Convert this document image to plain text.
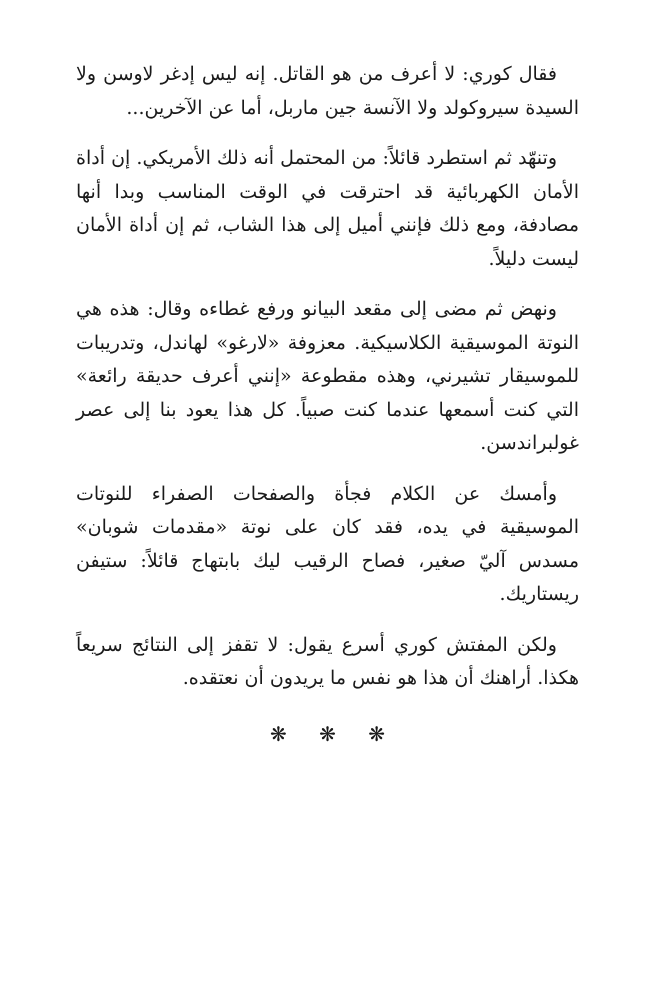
فقال كوري: لا أعرف من هو القاتل. إنه ليس إدغر لاوسن ولا السيدة سيروكولد ولا الآنسة جين ماربل، أما عن الآخرين...

وتنهّد ثم استطرد قائلاً: من المحتمل أنه ذلك الأمريكي. إن أداة الأمان الكهربائية قد احترقت في الوقت المناسب وبدا أنها مصادفة، ومع ذلك فإنني أميل إلى هذا الشاب، ثم إن أداة الأمان ليست دليلاً.

ونهض ثم مضى إلى مقعد البيانو ورفع غطاءه وقال: هذه هي النوتة الموسيقية الكلاسيكية. معزوفة «لارغو» لهاندل، وتدريبات للموسيقار تشيرني، وهذه مقطوعة «إنني أعرف حديقة رائعة» التي كنت أسمعها عندما كنت صبياً. كل هذا يعود بنا إلى عصر غولبراندسن.

وأمسك عن الكلام فجأة والصفحات الصفراء للنوتات الموسيقية في يده، فقد كان على نوتة «مقدمات شوبان» مسدس آليّ صغير، فصاح الرقيب ليك بابتهاج قائلاً: ستيفن ريستاريك.

ولكن المفتش كوري أسرع يقول: لا تقفز إلى النتائج سريعاً هكذا. أراهنك أن هذا هو نفس ما يريدون أن نعتقده.

❋ ❋ ❋
